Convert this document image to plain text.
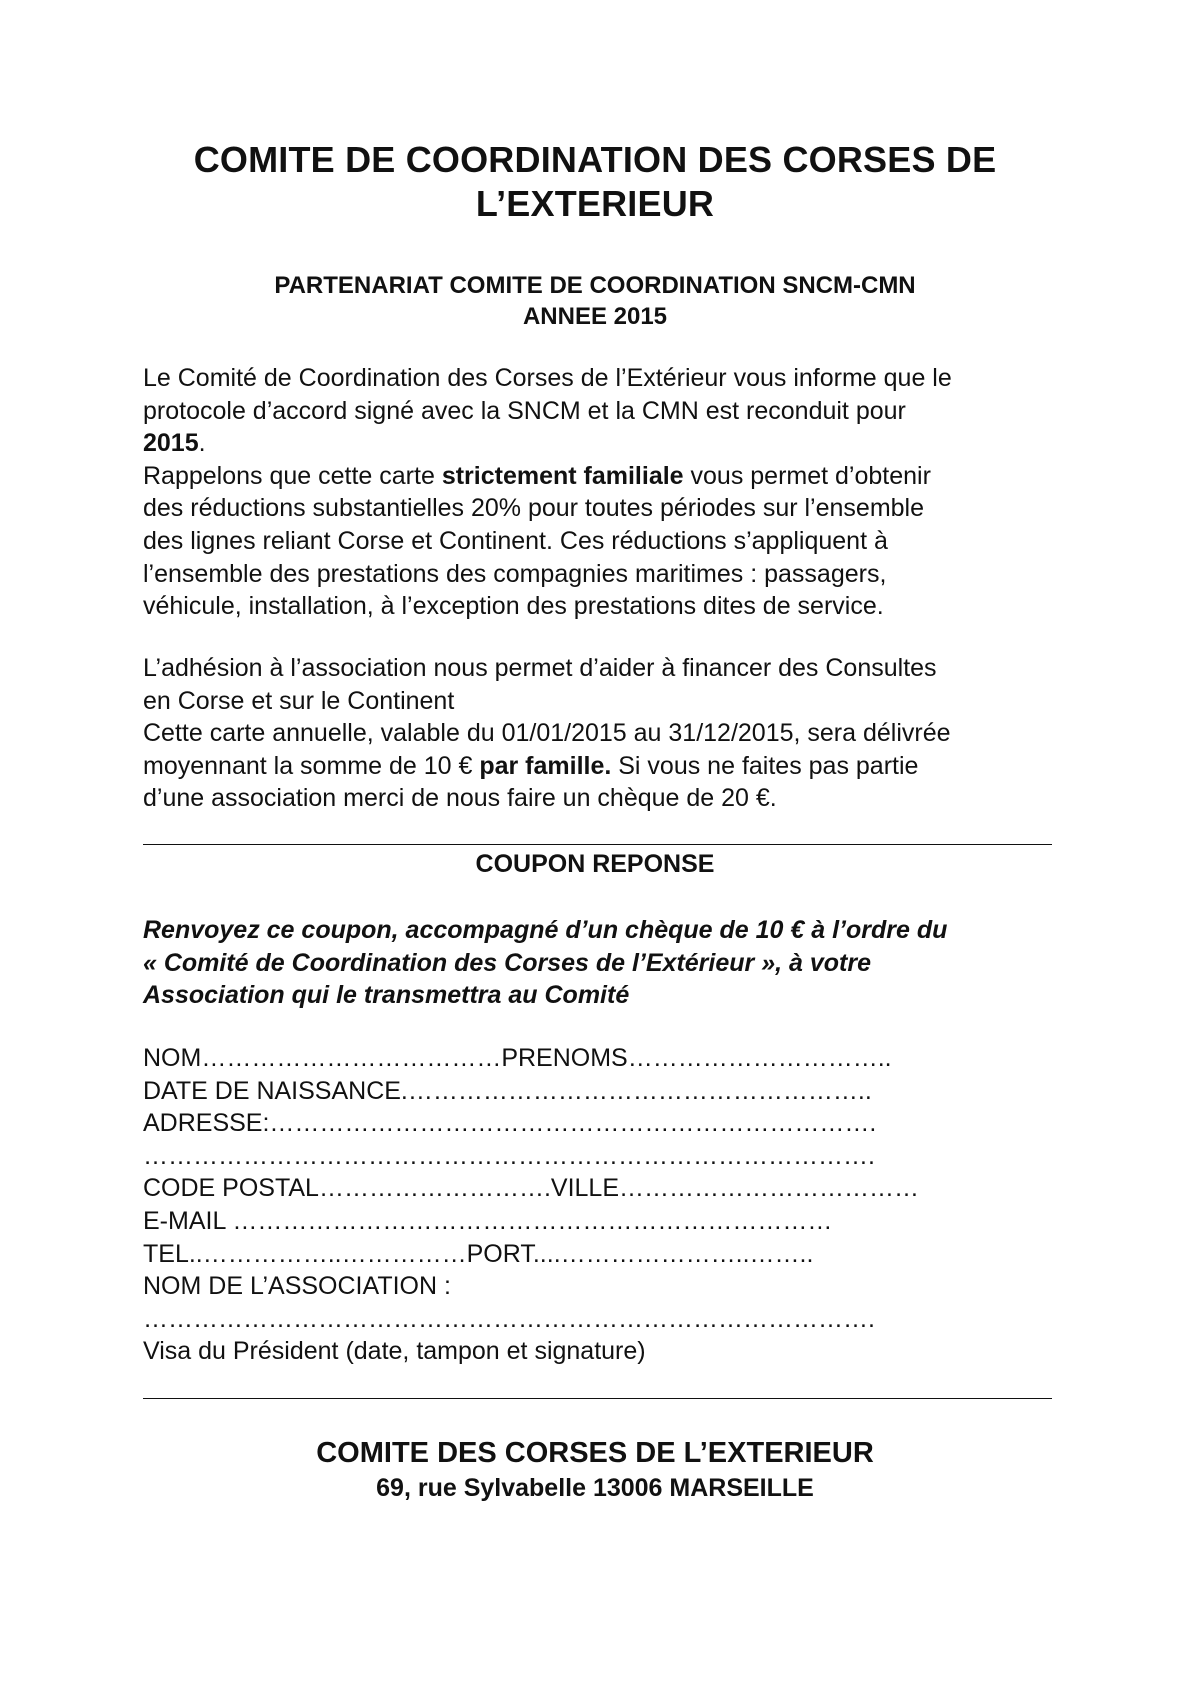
COMITE DE COORDINATION DES CORSES DE
L’EXTERIEUR
PARTENARIAT COMITE DE COORDINATION SNCM-CMN
ANNEE 2015
Le Comité de Coordination des Corses de l’Extérieur vous informe que le
protocole d’accord signé avec la SNCM et la CMN est reconduit pour
2015.
Rappelons que cette carte strictement familiale vous permet d’obtenir
des réductions substantielles 20% pour toutes périodes sur l’ensemble
des lignes reliant Corse et Continent. Ces réductions s’appliquent à
l’ensemble des prestations des compagnies maritimes : passagers,
véhicule, installation, à l’exception des prestations dites de service.
L’adhésion à l’association nous permet d’aider à financer des Consultes
en Corse et sur le Continent
Cette carte annuelle, valable du 01/01/2015 au 31/12/2015, sera délivrée
moyennant la somme de 10 € par famille. Si vous ne faites pas partie
d’une association merci de nous faire un chèque de 20 €.
COUPON REPONSE
Renvoyez ce coupon, accompagné d’un chèque de 10 € à l’ordre du
« Comité de Coordination des Corses de l’Extérieur », à votre
Association qui le transmettra au Comité
NOM………………………………PRENOMS…………………………..
DATE DE NAISSANCE.………………………………………………..
ADRESSE:……………………………………………………………….
…………………………………………………………………………….
CODE POSTAL……………………….VILLE………………………………
E-MAIL ………………………………………………………………
TEL..……………..……………PORT....…………………..……..
NOM DE L’ASSOCIATION :
…………………………………………………………………………….
Visa du Président (date, tampon et signature)
COMITE DES CORSES DE L’EXTERIEUR
69, rue Sylvabelle 13006 MARSEILLE
